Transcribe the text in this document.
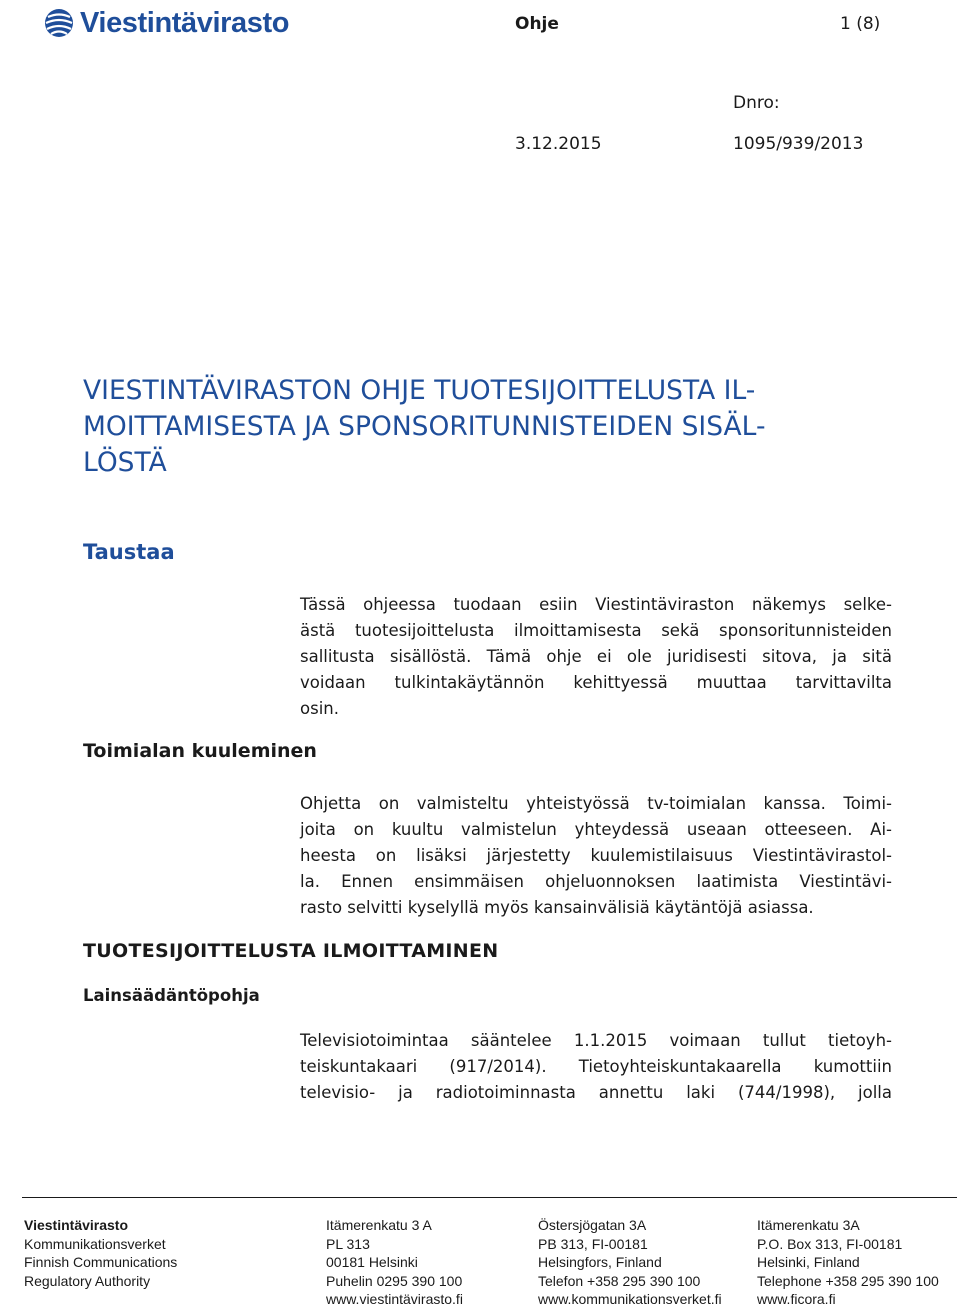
Viestintävirasto	Ohje	1 (8)
Dnro:
3.12.2015	1095/939/2013
VIESTINTÄVIRASTON OHJE TUOTESIJOITTELUSTA IL-
MOITTAMISESTA JA SPONSORITUNNISTEIDEN SISÄL-
LÖSTÄ
Taustaa
Tässä ohjeessa tuodaan esiin Viestintäviraston näkemys selke-
ästä tuotesijoittelusta ilmoittamisesta sekä sponsoritunnisteiden
sallitusta sisällöstä. Tämä ohje ei ole juridisesti sitova, ja sitä
voidaan tulkintakäytännön kehittyessä muuttaa tarvittavilta
osin.
Toimialan kuuleminen
Ohjetta on valmisteltu yhteistyössä tv-toimialan kanssa. Toimi-
joita on kuultu valmistelun yhteydessä useaan otteeseen. Ai-
heesta on lisäksi järjestetty kuulemistilaisuus Viestintävirastol-
la. Ennen ensimmäisen ohjeluonnoksen laatimista Viestintävi-
rasto selvitti kyselyllä myös kansainvälisiä käytäntöjä asiassa.
TUOTESIJOITTELUSTA ILMOITTAMINEN
Lainsäädäntöpohja
Televisiotoimintaa sääntelee 1.1.2015 voimaan tullut tietoyh-
teiskuntakaari (917/2014). Tietoyhteiskuntakaarella kumottiin
televisio- ja radiotoiminnasta annettu laki (744/1998), jolla
Viestintävirasto
Kommunikationsverket
Finnish Communications
Regulatory Authority
Itämerenkatu 3 A
PL 313
00181 Helsinki
Puhelin 0295 390 100
www.viestintävirasto.fi
Östersjögatan 3A
PB 313, FI-00181
Helsingfors, Finland
Telefon +358 295 390 100
www.kommunikationsverket.fi
Itämerenkatu 3A
P.O. Box 313, FI-00181
Helsinki, Finland
Telephone +358 295 390 100
www.ficora.fi
